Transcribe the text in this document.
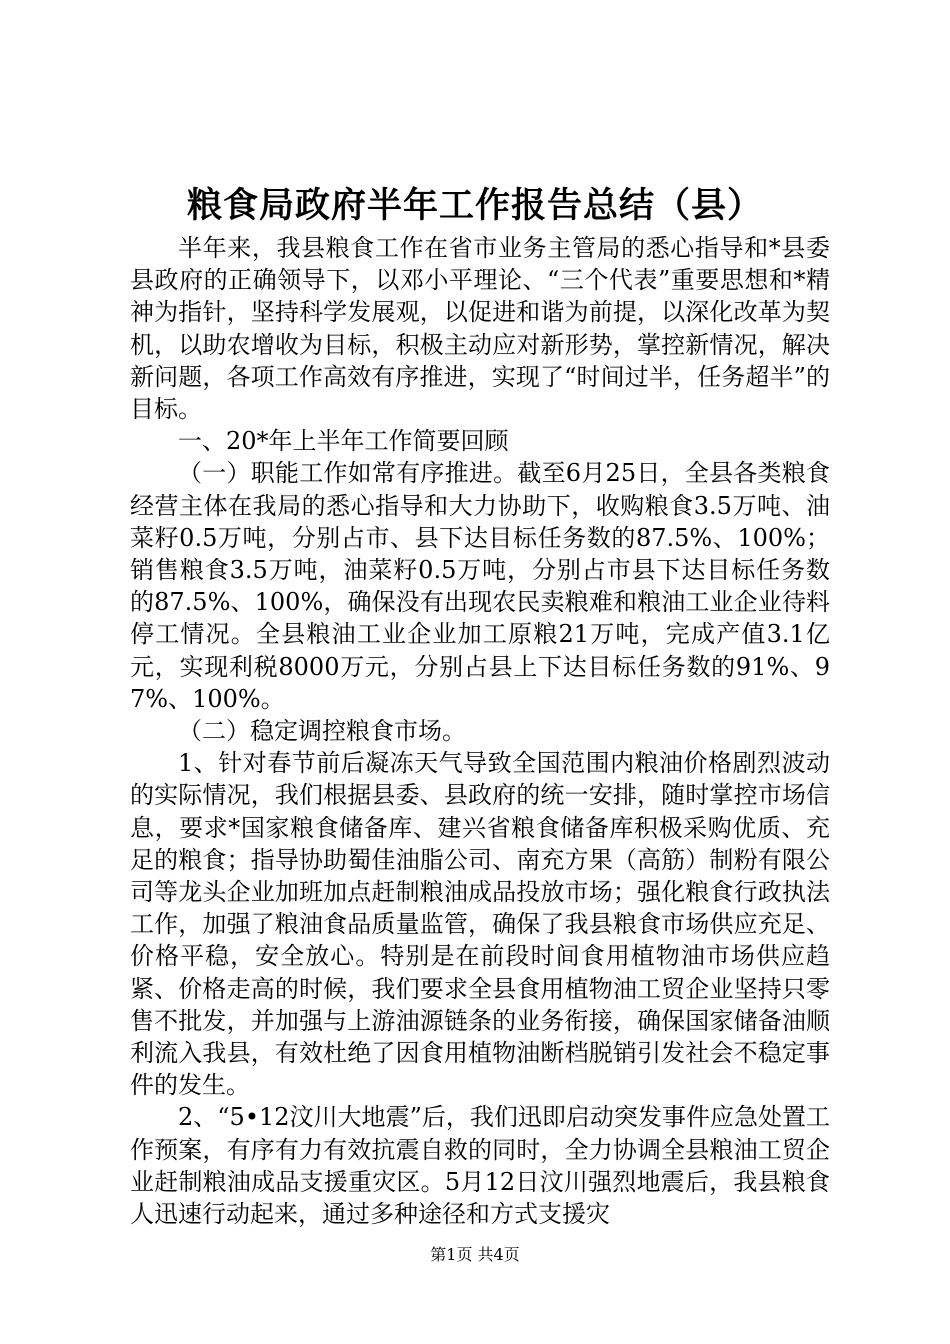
粮食局政府半年工作报告总结（县）

半年来，我县粮食工作在省市业务主管局的悉心指导和*县委县政府的正确领导下，以邓小平理论、“三个代表”重要思想和*精神为指针，坚持科学发展观，以促进和谐为前提，以深化改革为契机，以助农增收为目标，积极主动应对新形势，掌控新情况，解决新问题，各项工作高效有序推进，实现了“时间过半，任务超半”的目标。

一、20*年上半年工作简要回顾

（一）职能工作如常有序推进。截至6月25日，全县各类粮食经营主体在我局的悉心指导和大力协助下，收购粮食3.5万吨、油菜籽0.5万吨，分别占市、县下达目标任务数的87.5%、100%；销售粮食3.5万吨，油菜籽0.5万吨，分别占市县下达目标任务数的87.5%、100%，确保没有出现农民卖粮难和粮油工业企业待料停工情况。全县粮油工业企业加工原粮21万吨，完成产值3.1亿元，实现利税8000万元，分别占县上下达目标任务数的91%、97%、100%。

（二）稳定调控粮食市场。

1、针对春节前后凝冻天气导致全国范围内粮油价格剧烈波动的实际情况，我们根据县委、县政府的统一安排，随时掌控市场信息，要求*国家粮食储备库、建兴省粮食储备库积极采购优质、充足的粮食；指导协助蜀佳油脂公司、南充方果（高筋）制粉有限公司等龙头企业加班加点赶制粮油成品投放市场；强化粮食行政执法工作，加强了粮油食品质量监管，确保了我县粮食市场供应充足、价格平稳，安全放心。特别是在前段时间食用植物油市场供应趋紧、价格走高的时候，我们要求全县食用植物油工贸企业坚持只零售不批发，并加强与上游油源链条的业务衔接，确保国家储备油顺利流入我县，有效杜绝了因食用植物油断档脱销引发社会不稳定事件的发生。

2、“5•12汶川大地震”后，我们迅即启动突发事件应急处置工作预案，有序有力有效抗震自救的同时，全力协调全县粮油工贸企业赶制粮油成品支援重灾区。5月12日汶川强烈地震后，我县粮食人迅速行动起来，通过多种途径和方式支援灾

第1页 共4页
